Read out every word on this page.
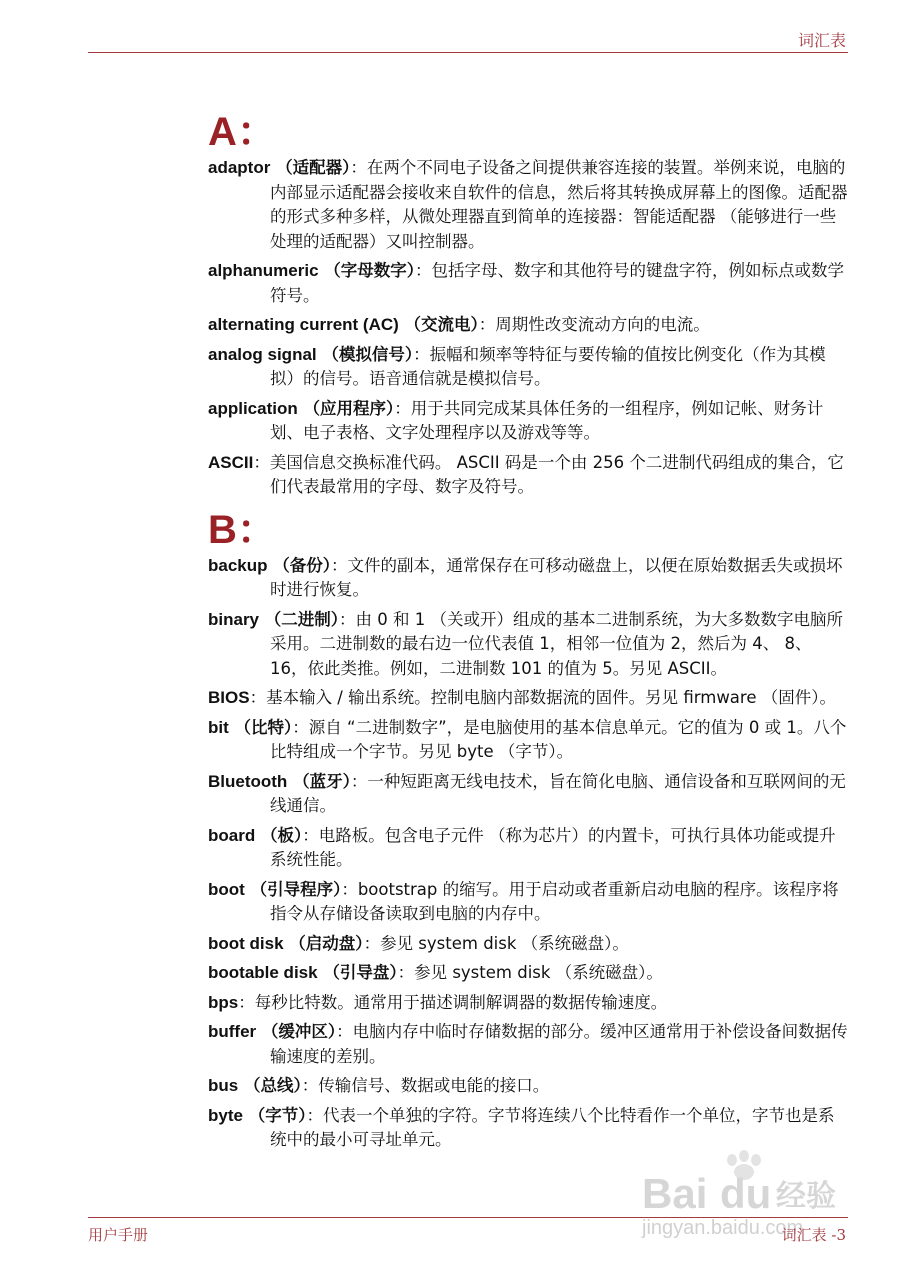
词汇表
A：
adaptor （适配器）：在两个不同电子设备之间提供兼容连接的装置。举例来说，电脑的内部显示适配器会接收来自软件的信息，然后将其转换成屏幕上的图像。适配器的形式多种多样，从微处理器直到简单的连接器：智能适配器 （能够进行一些处理的适配器）又叫控制器。
alphanumeric （字母数字）：包括字母、数字和其他符号的键盘字符，例如标点或数学符号。
alternating current (AC) （交流电）：周期性改变流动方向的电流。
analog signal （模拟信号）：振幅和频率等特征与要传输的值按比例变化（作为其模拟）的信号。语音通信就是模拟信号。
application （应用程序）：用于共同完成某具体任务的一组程序，例如记帐、财务计划、电子表格、文字处理程序以及游戏等等。
ASCII：美国信息交换标准代码。 ASCII 码是一个由 256 个二进制代码组成的集合，它们代表最常用的字母、数字及符号。
B：
backup （备份）：文件的副本，通常保存在可移动磁盘上，以便在原始数据丢失或损坏时进行恢复。
binary （二进制）：由 0 和 1 （关或开）组成的基本二进制系统，为大多数数字电脑所采用。二进制数的最右边一位代表值 1，相邻一位值为 2，然后为 4、 8、 16，依此类推。例如，二进制数 101 的值为 5。另见 ASCII。
BIOS：基本输入 / 输出系统。控制电脑内部数据流的固件。另见 firmware （固件）。
bit （比特）：源自 “二进制数字”，是电脑使用的基本信息单元。它的值为 0 或 1。八个比特组成一个字节。另见 byte （字节）。
Bluetooth （蓝牙）：一种短距离无线电技术，旨在简化电脑、通信设备和互联网间的无线通信。
board （板）：电路板。包含电子元件 （称为芯片）的内置卡，可执行具体功能或提升系统性能。
boot （引导程序）：bootstrap 的缩写。用于启动或者重新启动电脑的程序。该程序将指令从存储设备读取到电脑的内存中。
boot disk （启动盘）：参见 system disk （系统磁盘）。
bootable disk （引导盘）：参见 system disk （系统磁盘）。
bps：每秒比特数。通常用于描述调制解调器的数据传输速度。
buffer （缓冲区）：电脑内存中临时存储数据的部分。缓冲区通常用于补偿设备间数据传输速度的差别。
bus （总线）：传输信号、数据或电能的接口。
byte （字节）：代表一个单独的字符。字节将连续八个比特看作一个单位，字节也是系统中的最小可寻址单元。
Bai du 经验
jingyan.baidu.com
用户手册	词汇表 -3
